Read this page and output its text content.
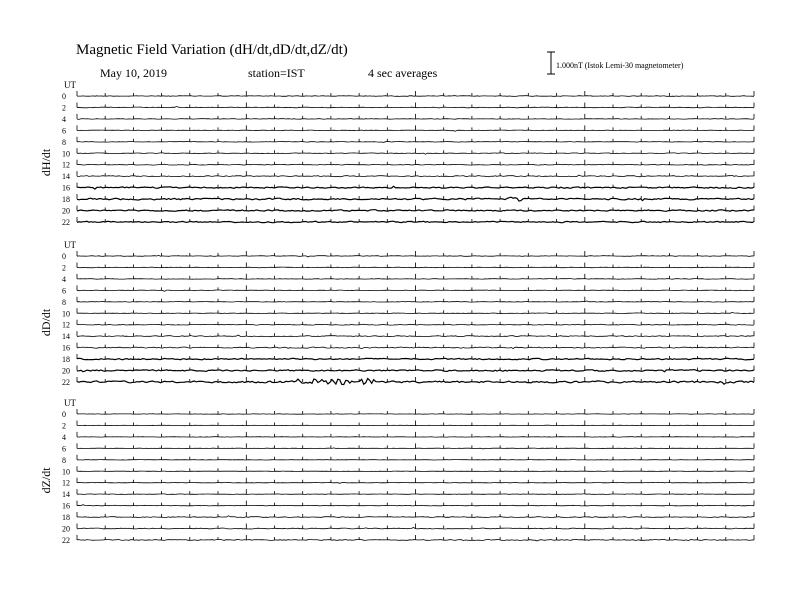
Magnetic Field Variation (dH/dt,dD/dt,dZ/dt)
May 10, 2019	station=IST	4 sec averages
1.000nT (Istok Lemi-30 magnetometer)
UT
dH/dt
0
2
4
6
8
10
12
14
16
18
20
22
UT
dD/dt
0
2
4
6
8
10
12
14
16
18
20
22
UT
dZ/dt
0
2
4
6
8
10
12
14
16
18
20
22
